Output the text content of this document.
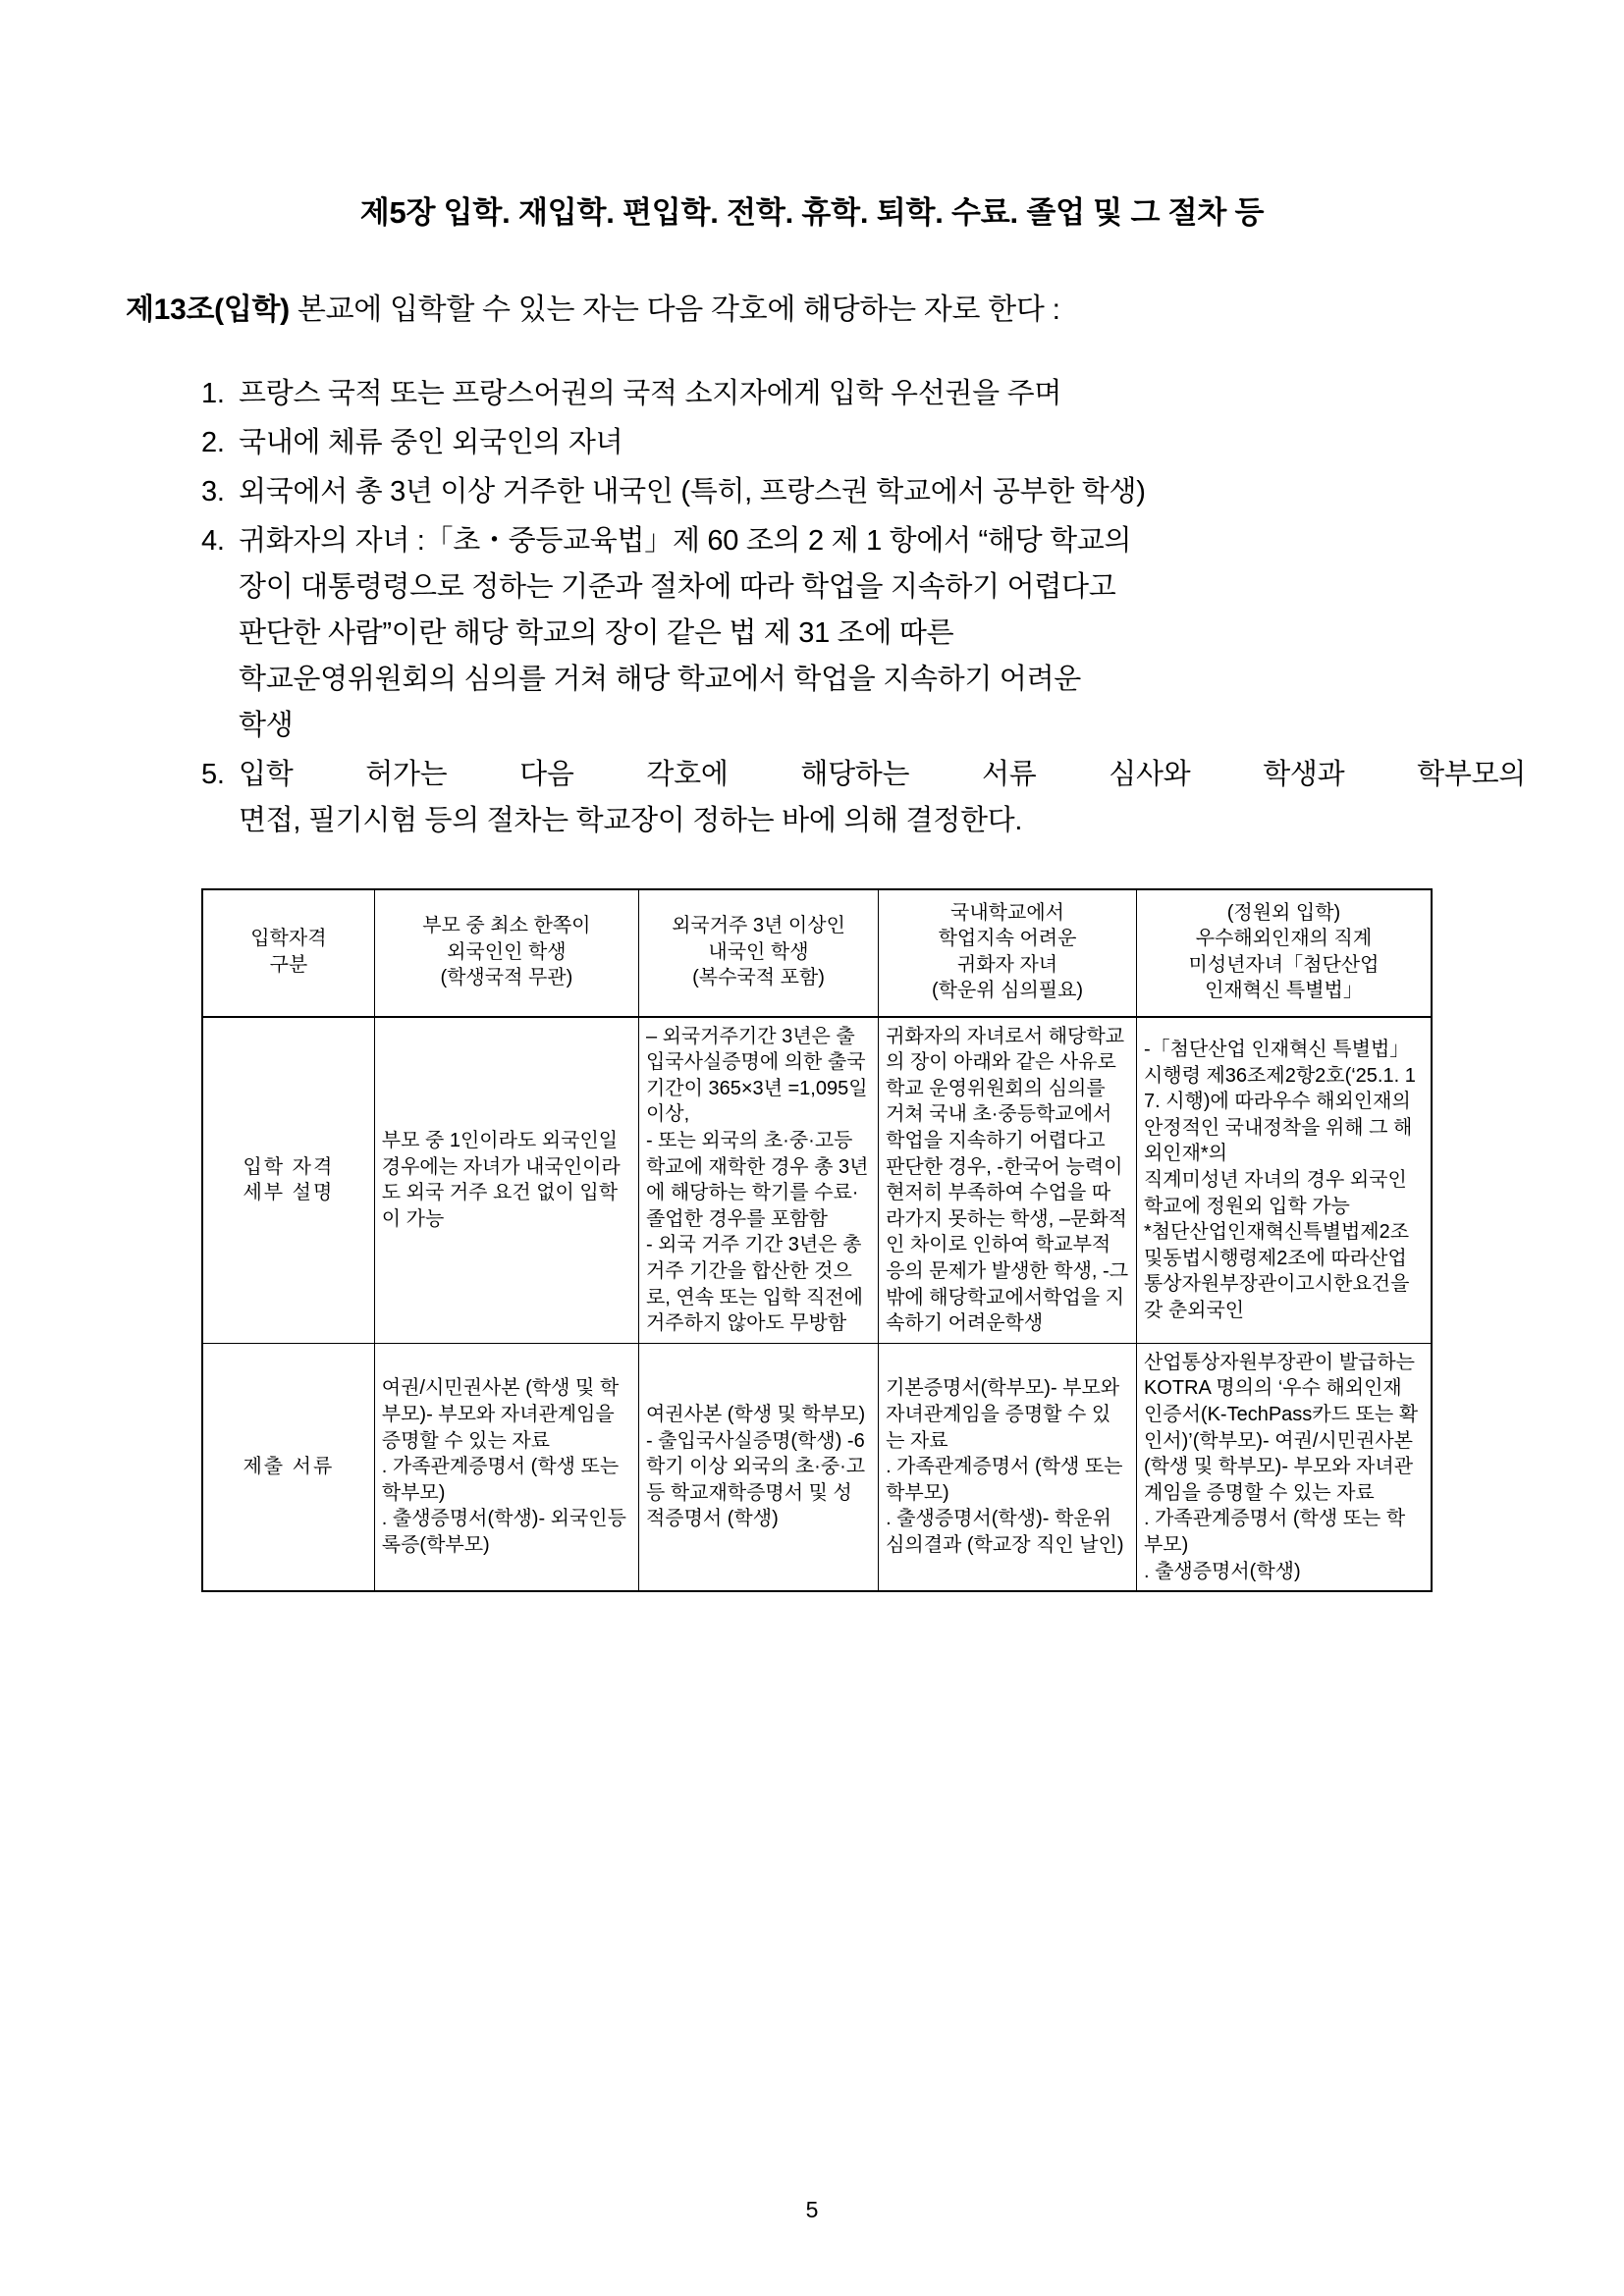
제5장 입학. 재입학. 편입학. 전학. 휴학. 퇴학. 수료. 졸업 및 그 절차 등

제13조(입학) 본교에 입학할 수 있는 자는 다음 각호에 해당하는 자로 한다 :

프랑스 국적 또는 프랑스어권의 국적 소지자에게 입학 우선권을 주며
국내에 체류 중인 외국인의 자녀
외국에서 총 3년 이상 거주한 내국인 (특히, 프랑스권 학교에서 공부한 학생)
귀화자의 자녀 :「초・중등교육법」제 60 조의 2 제 1 항에서 “해당 학교의
장이 대통령령으로 정하는 기준과 절차에 따라 학업을 지속하기 어렵다고
판단한 사람”이란 해당 학교의 장이 같은 법 제 31 조에 따른
학교운영위원회의 심의를 거쳐 해당 학교에서 학업을 지속하기 어려운
학생
입학 허가는 다음 각호에 해당하는 서류 심사와 학생과 학부모의
면접, 필기시험 등의 절차는 학교장이 정하는 바에 의해 결정한다.
입학자격
구분	부모 중 최소 한쪽이
외국인인 학생
(학생국적 무관)	외국거주 3년 이상인
내국인 학생
(복수국적 포함)	국내학교에서
학업지속 어려운
귀화자 자녀
(학운위 심의필요)	(정원외 입학)
우수해외인재의 직계
미성년자녀「첨단산업
인재혁신 특별법」
입학 자격
세부 설명	부모 중 1인이라도 외국인일 경우에는 자녀가 내국인이라도 외국 거주 요건 없이 입학이 가능	– 외국거주기간 3년은 출입국사실증명에 의한 출국기간이 365×3년 =1,095일 이상,
- 또는 외국의 초·중·고등학교에 재학한 경우 총 3년에 해당하는 학기를 수료·졸업한 경우를 포함함
- 외국 거주 기간 3년은 총 거주 기간을 합산한 것으로, 연속 또는 입학 직전에 거주하지 않아도 무방함	귀화자의 자녀로서 해당학교의 장이 아래와 같은 사유로 학교 운영위원회의 심의를 거쳐 국내 초·중등학교에서 학업을 지속하기 어렵다고 판단한 경우, -한국어 능력이 현저히 부족하여 수업을 따라가지 못하는 학생, –문화적인 차이로 인하여 학교부적응의 문제가 발생한 학생, -그밖에 해당학교에서학업을 지속하기 어려운학생	-「첨단산업 인재혁신 특별법」시행령 제36조제2항2호(‘25.1. 17. 시행)에 따라우수 해외인재의 안정적인 국내정착을 위해 그 해외인재*의
직계미성년 자녀의 경우 외국인학교에 정원외 입학 가능
*첨단산업인재혁신특별법제2조
및동법시행령제2조에 따라산업
통상자원부장관이고시한요건을갖 춘외국인
제출 서류	여권/시민권사본 (학생 및 학부모)- 부모와 자녀관계임을 증명할 수 있는 자료
. 가족관계증명서 (학생 또는 학부모)
. 출생증명서(학생)- 외국인등록증(학부모)	여권사본 (학생 및 학부모)- 출입국사실증명(학생) -6학기 이상 외국의 초·중·고등 학교재학증명서 및 성적증명서 (학생)	기본증명서(학부모)- 부모와 자녀관계임을 증명할 수 있는 자료
. 가족관계증명서 (학생 또는 학부모)
. 출생증명서(학생)- 학운위 심의결과 (학교장 직인 날인)	산업통상자원부장관이 발급하는 KOTRA 명의의 ‘우수 해외인재 인증서(K-TechPass카드 또는 확인서)’(학부모)- 여권/시민권사본 (학생 및 학부모)- 부모와 자녀관계임을 증명할 수 있는 자료
. 가족관계증명서 (학생 또는 학부모)
. 출생증명서(학생)
5
